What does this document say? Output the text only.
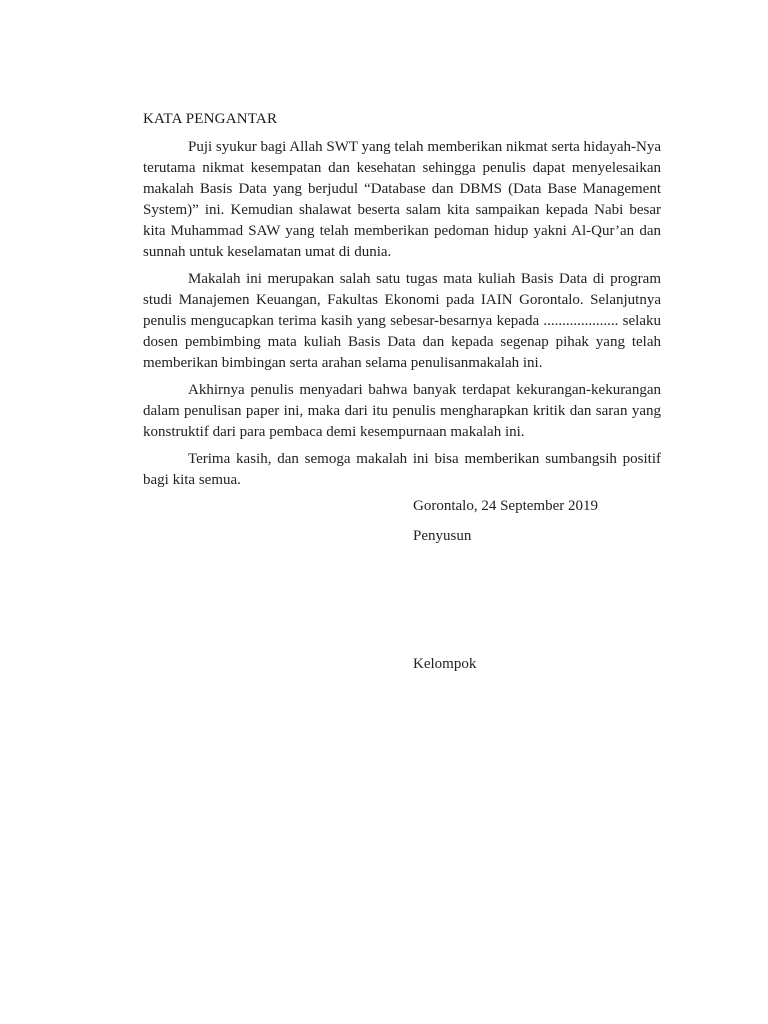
KATA PENGANTAR

Puji syukur bagi Allah SWT yang telah memberikan nikmat serta hidayah-Nya terutama nikmat kesempatan dan kesehatan sehingga penulis dapat menyelesaikan makalah Basis Data yang berjudul “Database dan DBMS (Data Base Management System)” ini. Kemudian shalawat beserta salam kita sampaikan kepada Nabi besar kita Muhammad SAW yang telah memberikan pedoman hidup yakni Al-Qur’an dan sunnah untuk keselamatan umat di dunia.

Makalah ini merupakan salah satu tugas mata kuliah Basis Data di program studi Manajemen Keuangan, Fakultas Ekonomi pada IAIN Gorontalo. Selanjutnya penulis mengucapkan terima kasih yang sebesar-besarnya kepada .................... selaku dosen pembimbing mata kuliah Basis Data dan kepada segenap pihak yang telah memberikan bimbingan serta arahan selama penulisanmakalah ini.

Akhirnya penulis menyadari bahwa banyak terdapat kekurangan-kekurangan dalam penulisan paper ini, maka dari itu penulis mengharapkan kritik dan saran yang konstruktif dari para pembaca demi kesempurnaan makalah ini.

Terima kasih, dan semoga makalah ini bisa memberikan sumbangsih positif bagi kita semua.

Gorontalo, 24 September 2019
Penyusun
Kelompok
